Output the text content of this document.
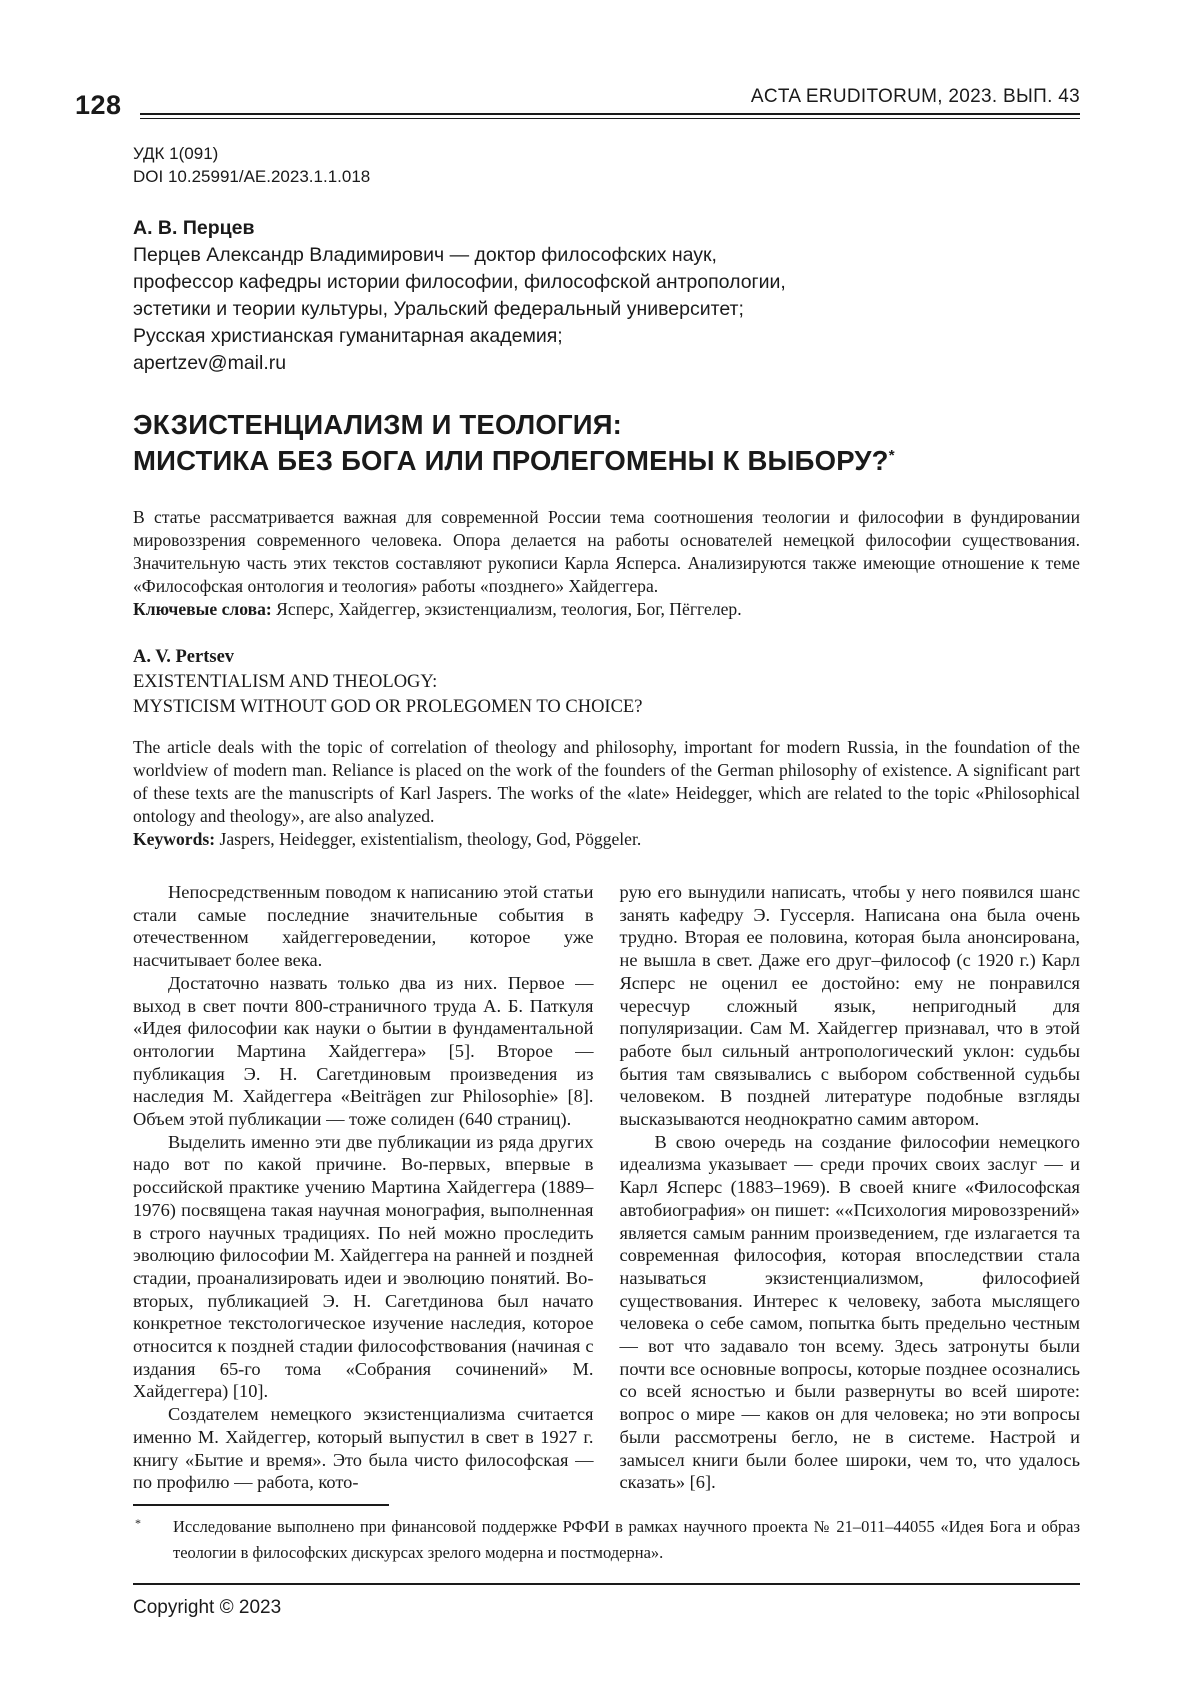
128	ACTA ERUDITORUM, 2023. ВЫП. 43
УДК 1(091)
DOI 10.25991/AE.2023.1.1.018
А. В. Перцев
Перцев Александр Владимирович — доктор философских наук,
профессор кафедры истории философии, философской антропологии,
эстетики и теории культуры, Уральский федеральный университет;
Русская христианская гуманитарная академия;
apertzev@mail.ru
ЭКЗИСТЕНЦИАЛИЗМ И ТЕОЛОГИЯ:
МИСТИКА БЕЗ БОГА ИЛИ ПРОЛЕГОМЕНЫ К ВЫБОРУ?*

В статье рассматривается важная для современной России тема соотношения теологии и философии в фундировании мировоззрения современного человека. Опора делается на работы основателей немецкой философии существования. Значительную часть этих текстов составляют рукописи Карла Ясперса. Анализируются также имеющие отношение к теме «Философская онтология и теология» работы «позднего» Хайдеггера.

Ключевые слова: Ясперс, Хайдеггер, экзистенциализм, теология, Бог, Пёггелер.

A. V. Pertsev
EXISTENTIALISM AND THEOLOGY:
MYSTICISM WITHOUT GOD OR PROLEGOMEN TO CHOICE?

The article deals with the topic of correlation of theology and philosophy, important for modern Russia, in the foundation of the worldview of modern man. Reliance is placed on the work of the founders of the German philosophy of existence. A significant part of these texts are the manuscripts of Karl Jaspers. The works of the «late» Heidegger, which are related to the topic «Philosophical ontology and theology», are also analyzed.

Keywords: Jaspers, Heidegger, existentialism, theology, God, Pöggeler.

Непосредственным поводом к написанию этой статьи стали самые последние значительные события в отечественном хайдеггероведении, которое уже насчитывает более века.

Достаточно назвать только два из них. Первое — выход в свет почти 800-страничного труда А. Б. Паткуля «Идея философии как науки о бытии в фундаментальной онтологии Мартина Хайдеггера» [5]. Второе — публикация Э. Н. Сагетдиновым произведения из наследия М. Хайдеггера «Beiträgen zur Philosophie» [8]. Объем этой публикации — тоже солиден (640 страниц).

Выделить именно эти две публикации из ряда других надо вот по какой причине. Во-первых, впервые в российской практике учению Мартина Хайдеггера (1889–1976) посвящена такая научная монография, выполненная в строго научных традициях. По ней можно проследить эволюцию философии М. Хайдеггера на ранней и поздней стадии, проанализировать идеи и эволюцию понятий. Во-вторых, публикацией Э. Н. Сагетдинова был начато конкретное текстологическое изучение наследия, которое относится к поздней стадии философствования (начиная с издания 65-го тома «Собрания сочинений» М. Хайдеггера) [10].

Создателем немецкого экзистенциализма считается именно М. Хайдеггер, который выпустил в свет в 1927 г. книгу «Бытие и время». Это была чисто философская — по профилю — работа, кото-

рую его вынудили написать, чтобы у него появился шанс занять кафедру Э. Гуссерля. Написана она была очень трудно. Вторая ее половина, которая была анонсирована, не вышла в свет. Даже его друг–философ (с 1920 г.) Карл Ясперс не оценил ее достойно: ему не понравился чересчур сложный язык, непригодный для популяризации. Сам М. Хайдеггер признавал, что в этой работе был сильный антропологический уклон: судьбы бытия там связывались с выбором собственной судьбы человеком. В поздней литературе подобные взгляды высказываются неоднократно самим автором.

В свою очередь на создание философии немецкого идеализма указывает — среди прочих своих заслуг — и Карл Ясперс (1883–1969). В своей книге «Философская автобиография» он пишет: ««Психология мировоззрений» является самым ранним произведением, где излагается та современная философия, которая впоследствии стала называться экзистенциализмом, философией существования. Интерес к человеку, забота мыслящего человека о себе самом, попытка быть предельно честным — вот что задавало тон всему. Здесь затронуты были почти все основные вопросы, которые позднее осознались со всей ясностью и были развернуты во всей широте: вопрос о мире — каков он для человека; но эти вопросы были рассмотрены бегло, не в системе. Настрой и замысел книги были более широки, чем то, что удалось сказать» [6].

* Исследование выполнено при финансовой поддержке РФФИ в рамках научного проекта № 21–011–44055 «Идея Бога и образ теологии в философских дискурсах зрелого модерна и постмодерна».

Copyright © 2023
